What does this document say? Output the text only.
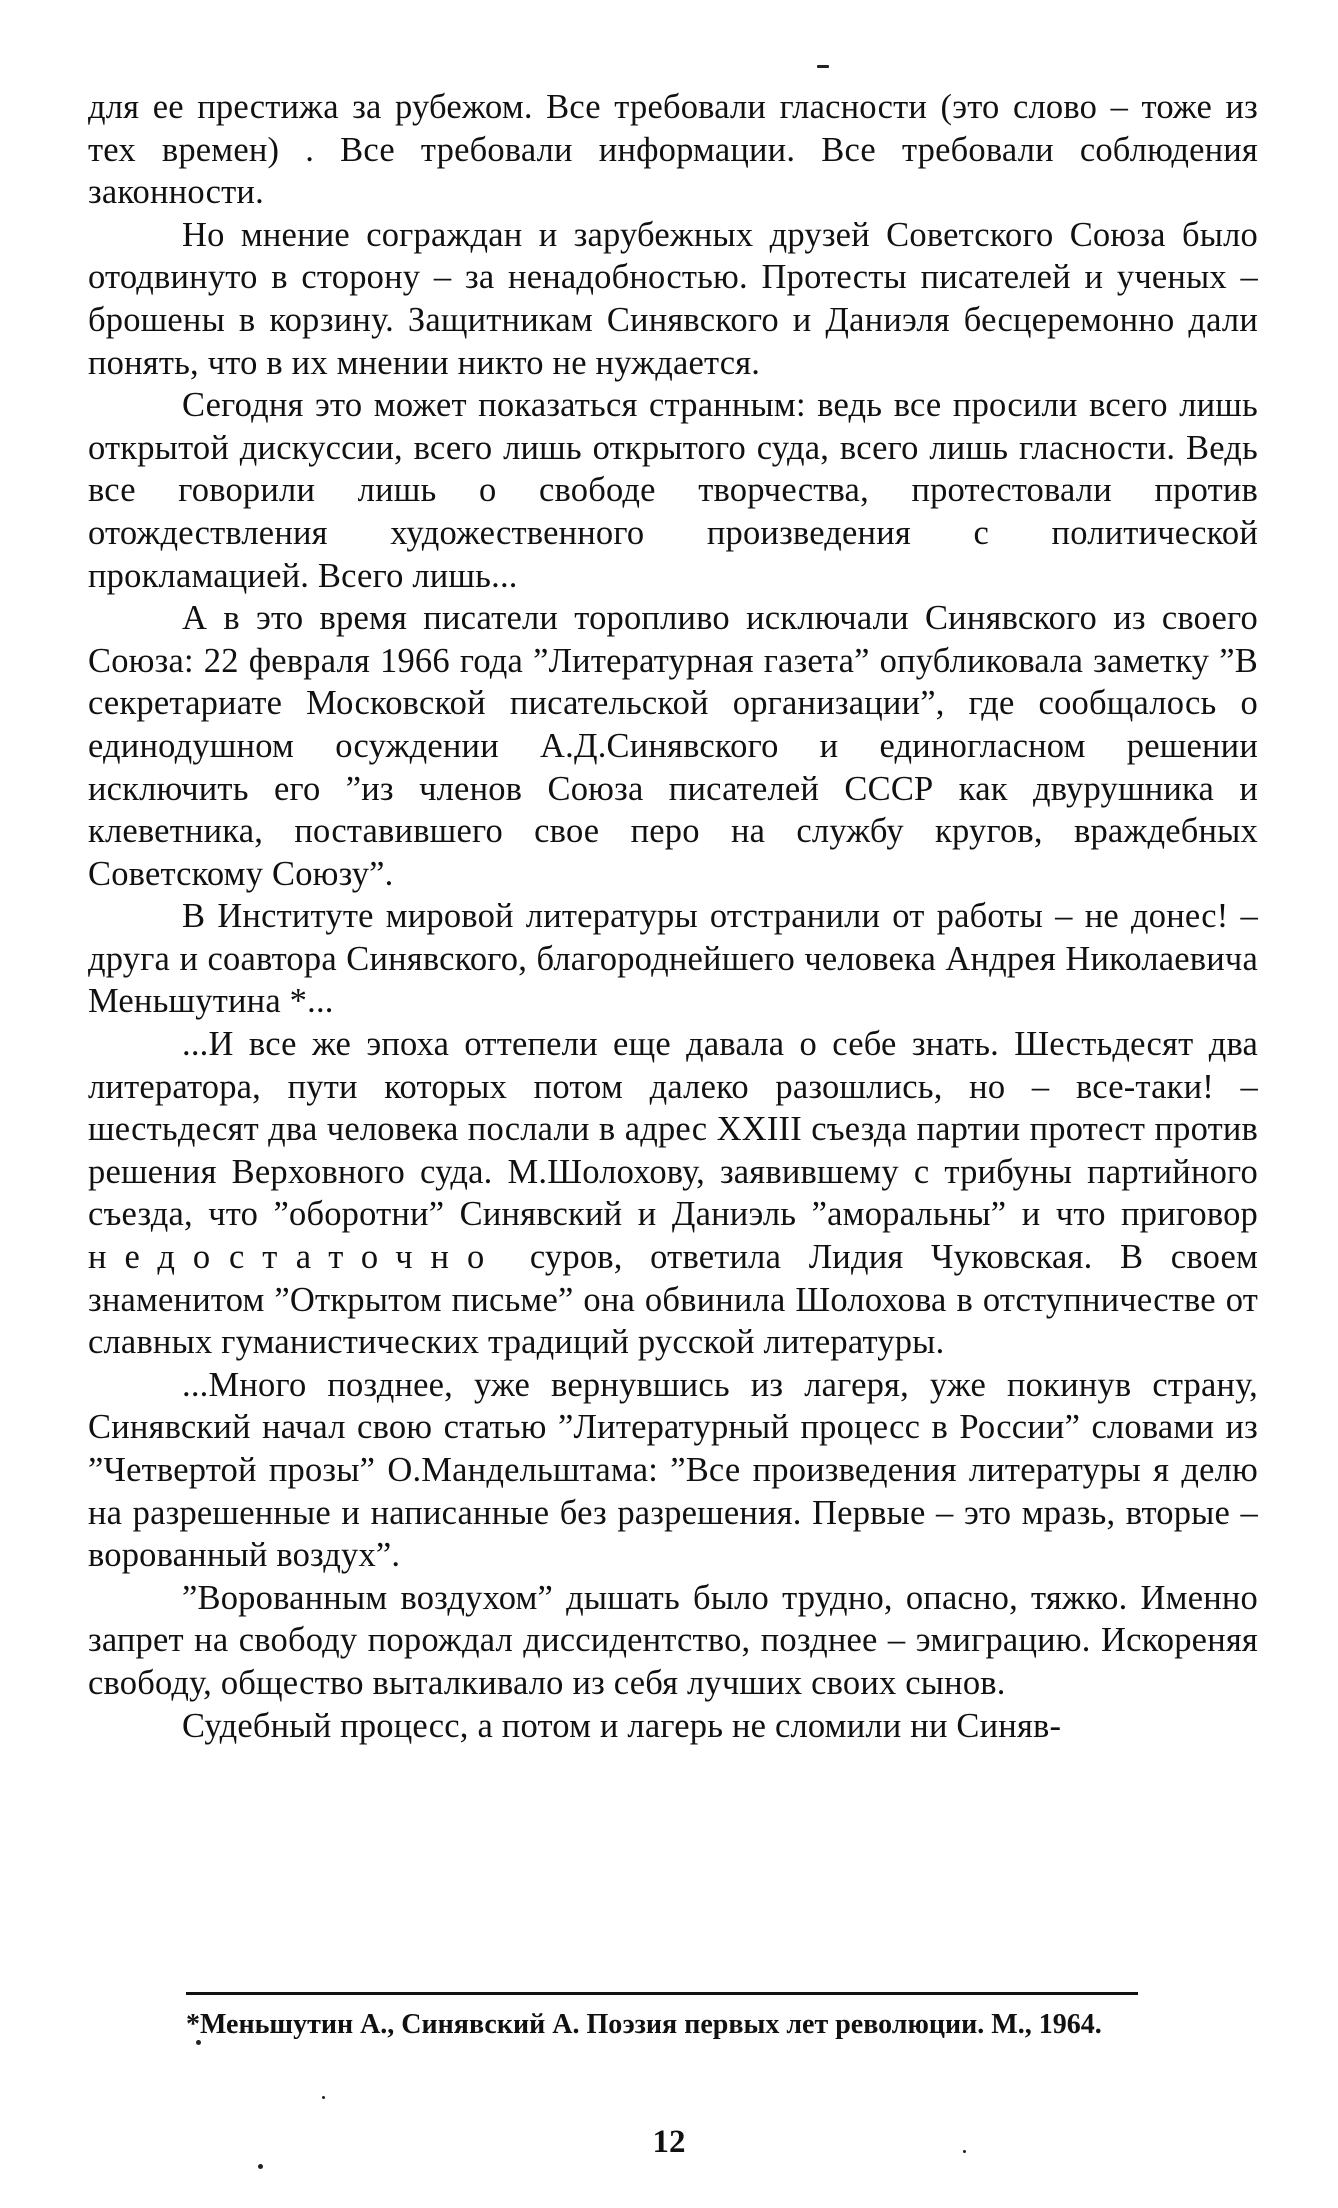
для ее престижа за рубежом. Все требовали гласности (это слово – тоже из тех времен) . Все требовали информации. Все требовали соблюдения законности.

Но мнение сограждан и зарубежных друзей Советского Союза было отодвинуто в сторону – за ненадобностью. Протесты писателей и ученых – брошены в корзину. Защитникам Синявского и Даниэля бесцеремонно дали понять, что в их мнении никто не нуждается.

Сегодня это может показаться странным: ведь все просили всего лишь открытой дискуссии, всего лишь открытого суда, всего лишь гласности. Ведь все говорили лишь о свободе творчества, протестовали против отождествления художественного произведения с политической прокламацией. Всего лишь...

А в это время писатели торопливо исключали Синявского из своего Союза: 22 февраля 1966 года ”Литературная газета” опубликовала заметку ”В секретариате Московской писательской организации”, где сообщалось о единодушном осуждении А.Д.Синявского и единогласном решении исключить его ”из членов Союза писателей СССР как двурушника и клеветника, поставившего свое перо на службу кругов, враждебных Советскому Союзу”.

В Институте мировой литературы отстранили от работы – не донес! – друга и соавтора Синявского, благороднейшего человека Андрея Николаевича Меньшутина *...

...И все же эпоха оттепели еще давала о себе знать. Шестьдесят два литератора, пути которых потом далеко разошлись, но – все-таки! – шестьдесят два человека послали в адрес XXIII съезда партии протест против решения Верховного суда. М.Шолохову, заявившему с трибуны партийного съезда, что ”оборотни” Синявский и Даниэль ”аморальны” и что приговор недостаточно суров, ответила Лидия Чуковская. В своем знаменитом ”Открытом письме” она обвинила Шолохова в отступничестве от славных гуманистических традиций русской литературы.

...Много позднее, уже вернувшись из лагеря, уже покинув страну, Синявский начал свою статью ”Литературный процесс в России” словами из ”Четвертой прозы” О.Мандельштама: ”Все произведения литературы я делю на разрешенные и написанные без разрешения. Первые – это мразь, вторые – ворованный воздух”.

”Ворованным воздухом” дышать было трудно, опасно, тяжко. Именно запрет на свободу порождал диссидентство, позднее – эмиграцию. Искореняя свободу, общество выталкивало из себя лучших своих сынов.

Судебный процесс, а потом и лагерь не сломили ни Синяв-

*Меньшутин А., Синявский А. Поэзия первых лет революции. М., 1964.
12
